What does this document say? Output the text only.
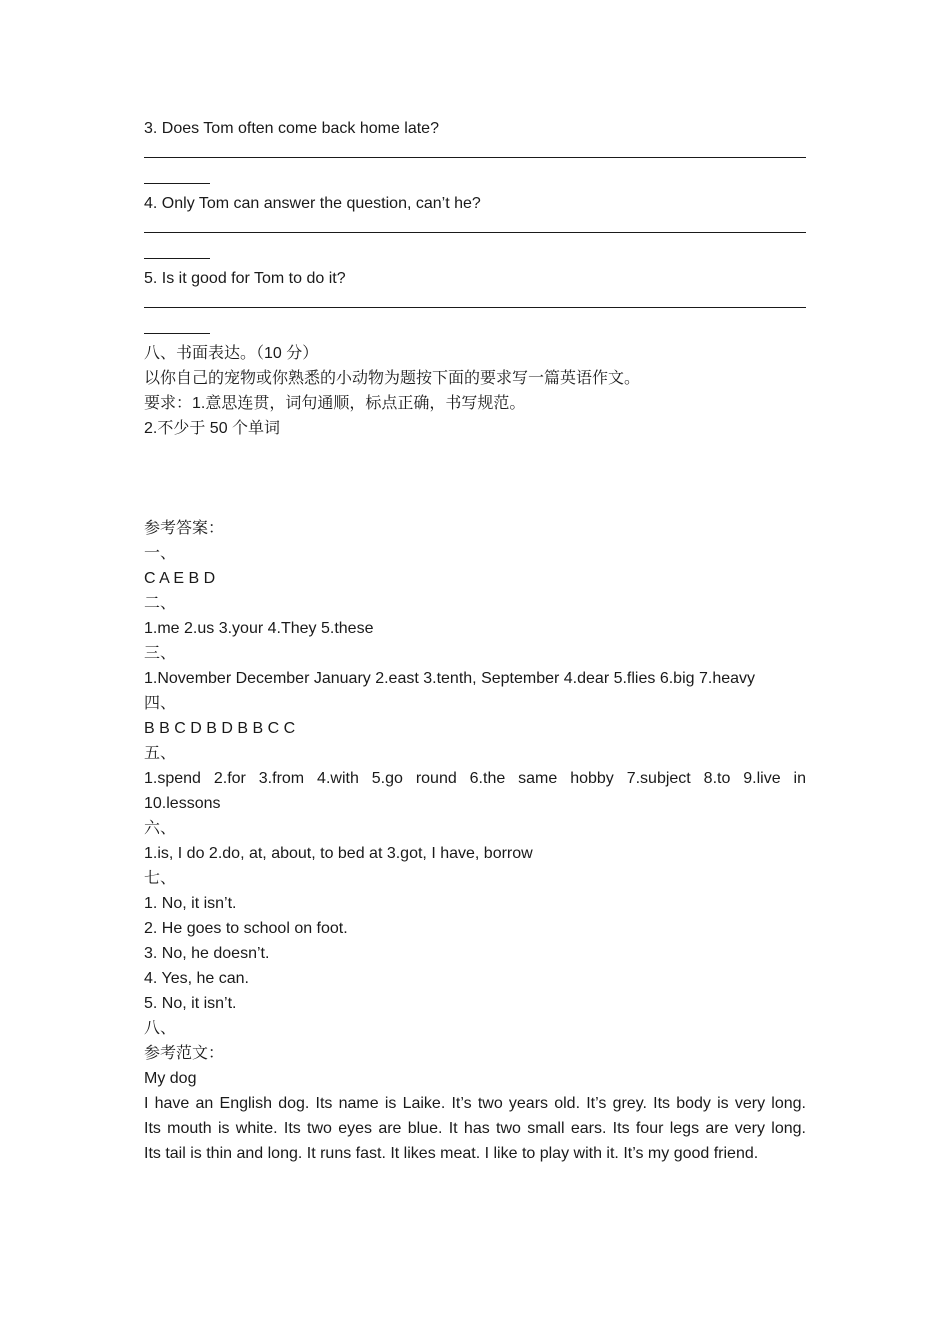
3. Does Tom often come back home late?
4. Only Tom can answer the question, can’t he?
5. Is it good for Tom to do it?
八、书面表达。（10 分）
以你自己的宠物或你熟悉的小动物为题按下面的要求写一篇英语作文。
要求：1.意思连贯，词句通顺，标点正确，书写规范。
2.不少于 50 个单词
参考答案：
一、
C A E B D
二、
1.me 2.us 3.your 4.They 5.these
三、
1.November December January 2.east 3.tenth, September 4.dear 5.flies 6.big 7.heavy
四、
B B C D B D B B C C
五、
1.spend 2.for 3.from 4.with 5.go round 6.the same hobby 7.subject 8.to 9.live in
10.lessons
六、
1.is, I do 2.do, at, about, to bed at 3.got, I have, borrow
七、
1. No, it isn’t.
2. He goes to school on foot.
3. No, he doesn’t.
4. Yes, he can.
5. No, it isn’t.
八、
参考范文：
My dog
I have an English dog. Its name is Laike. It’s two years old. It’s grey. Its body is very long.
Its mouth is white. Its two eyes are blue. It has two small ears. Its four legs are very long.
Its tail is thin and long. It runs fast. It likes meat. I like to play with it. It’s my good friend.
